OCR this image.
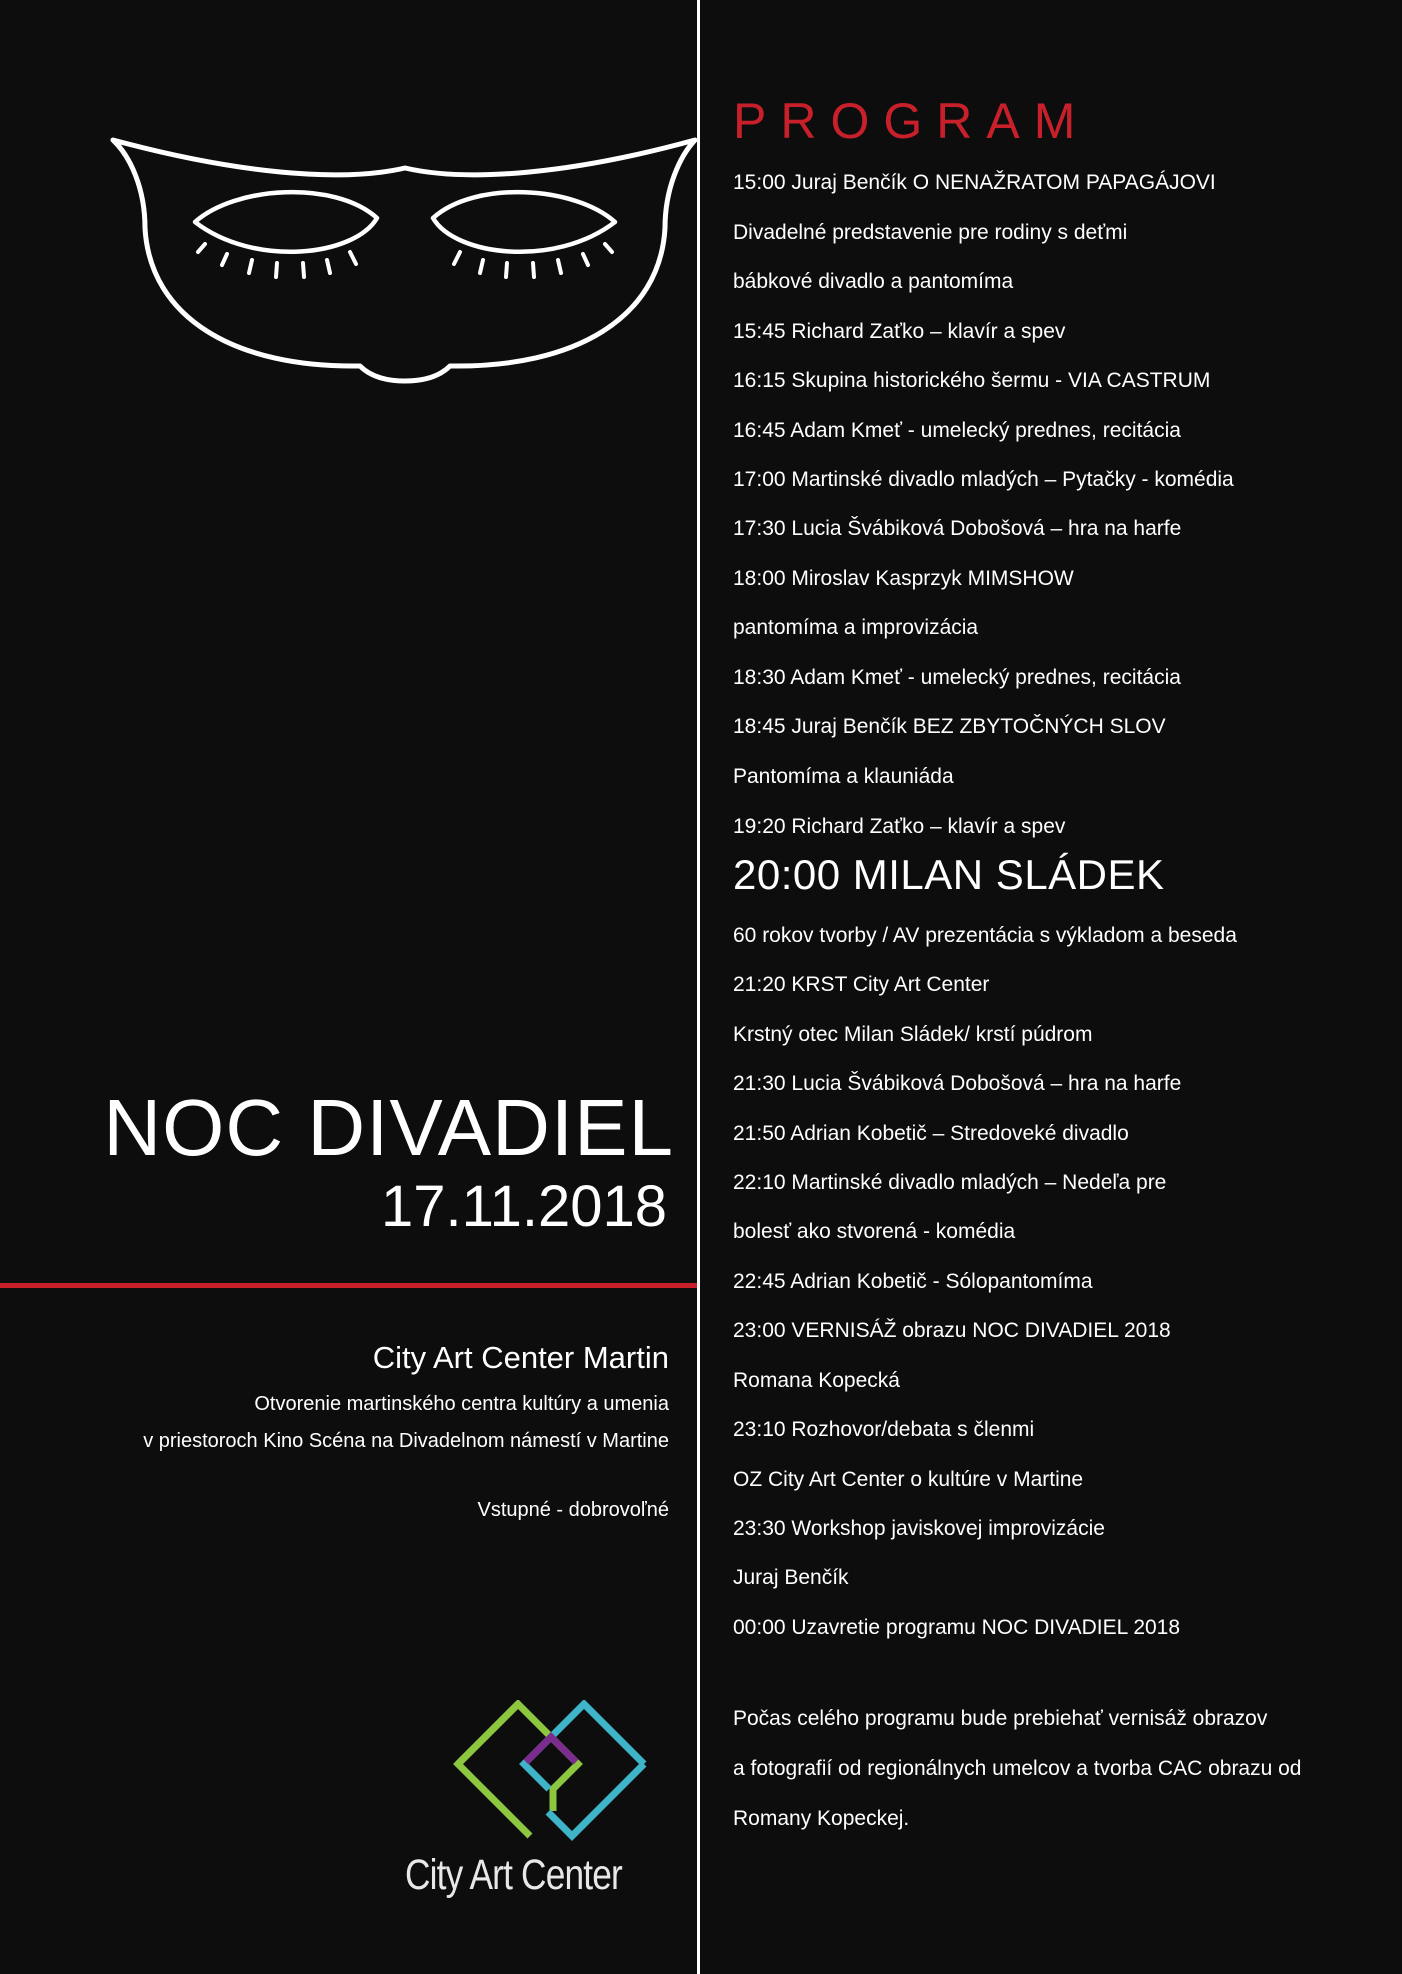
NOC DIVADIEL
17.11.2018
City Art Center Martin
Otvorenie martinského centra kultúry a umenia
v priestoroch Kino Scéna na Divadelnom námestí v Martine
Vstupné - dobrovoľné
City Art Center
PROGRAM
15:00 Juraj Benčík O NENAŽRATOM PAPAGÁJOVI
Divadelné predstavenie pre rodiny s deťmi
bábkové divadlo a pantomíma
15:45 Richard Zaťko – klavír a spev
16:15 Skupina historického šermu - VIA CASTRUM
16:45 Adam Kmeť - umelecký prednes, recitácia
17:00 Martinské divadlo mladých – Pytačky - komédia
17:30 Lucia Švábiková Dobošová – hra na harfe
18:00 Miroslav Kasprzyk MIMSHOW
pantomíma a improvizácia
18:30 Adam Kmeť - umelecký prednes, recitácia
18:45 Juraj Benčík BEZ ZBYTOČNÝCH SLOV
Pantomíma a klauniáda
19:20 Richard Zaťko – klavír a spev
20:00 MILAN SLÁDEK
60 rokov tvorby / AV prezentácia s výkladom a beseda
21:20 KRST City Art Center
Krstný otec Milan Sládek/ krstí púdrom
21:30 Lucia Švábiková Dobošová – hra na harfe
21:50 Adrian Kobetič – Stredoveké divadlo
22:10 Martinské divadlo mladých – Nedeľa pre
bolesť ako stvorená - komédia
22:45 Adrian Kobetič - Sólopantomíma
23:00 VERNISÁŽ obrazu NOC DIVADIEL 2018
Romana Kopecká
23:10 Rozhovor/debata s členmi
OZ City Art Center o kultúre v Martine
23:30 Workshop javiskovej improvizácie
Juraj Benčík
00:00 Uzavretie programu NOC DIVADIEL 2018
Počas celého programu bude prebiehať vernisáž obrazov
a fotografií od regionálnych umelcov a tvorba CAC obrazu od
Romany Kopeckej.
